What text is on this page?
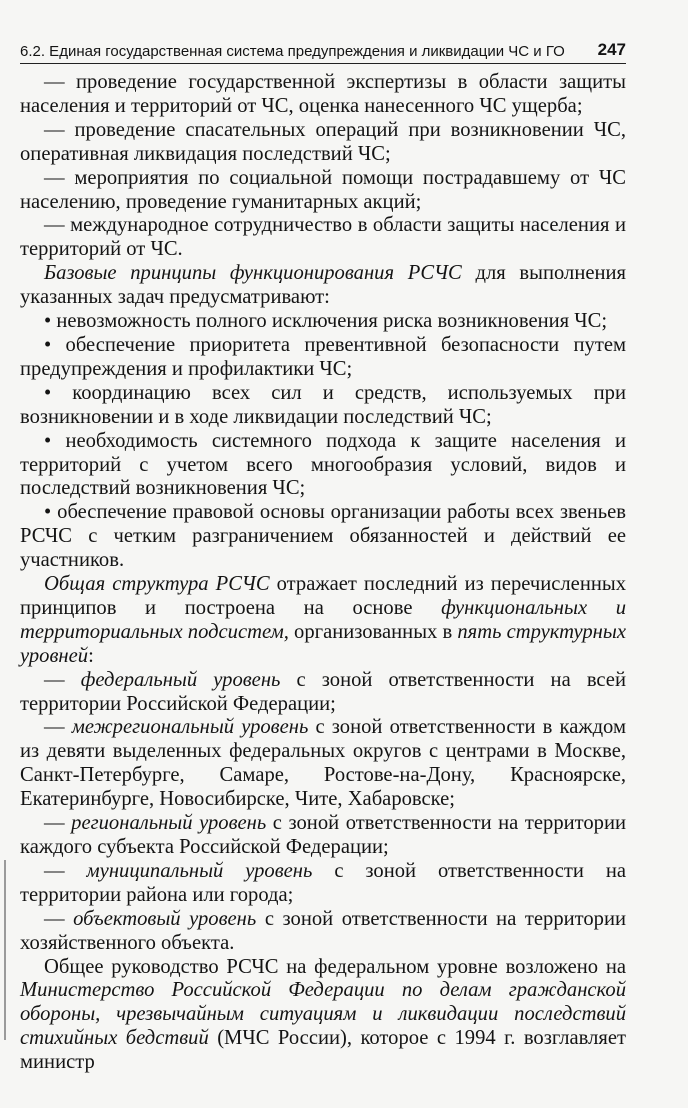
6.2. Единая государственная система предупреждения и ликвидации ЧС и ГО 247

— проведение государственной экспертизы в области защиты населения и территорий от ЧС, оценка нанесенного ЧС ущерба;

— проведение спасательных операций при возникновении ЧС, оперативная ликвидация последствий ЧС;

— мероприятия по социальной помощи пострадавшему от ЧС населению, проведение гуманитарных акций;

— международное сотрудничество в области защиты населения и территорий от ЧС.

Базовые принципы функционирования РСЧС для выполнения указанных задач предусматривают:

• невозможность полного исключения риска возникновения ЧС;

• обеспечение приоритета превентивной безопасности путем предупреждения и профилактики ЧС;

• координацию всех сил и средств, используемых при возникновении и в ходе ликвидации последствий ЧС;

• необходимость системного подхода к защите населения и территорий с учетом всего многообразия условий, видов и последствий возникновения ЧС;

• обеспечение правовой основы организации работы всех звеньев РСЧС с четким разграничением обязанностей и действий ее участников.

Общая структура РСЧС отражает последний из перечисленных принципов и построена на основе функциональных и территориальных подсистем, организованных в пять структурных уровней:

— федеральный уровень с зоной ответственности на всей территории Российской Федерации;

— межрегиональный уровень с зоной ответственности в каждом из девяти выделенных федеральных округов с центрами в Москве, Санкт-Петербурге, Самаре, Ростове-на-Дону, Красноярске, Екатеринбурге, Новосибирске, Чите, Хабаровске;

— региональный уровень с зоной ответственности на территории каждого субъекта Российской Федерации;

— муниципальный уровень с зоной ответственности на территории района или города;

— объектовый уровень с зоной ответственности на территории хозяйственного объекта.

Общее руководство РСЧС на федеральном уровне возложено на Министерство Российской Федерации по делам гражданской обороны, чрезвычайным ситуациям и ликвидации последствий стихийных бедствий (МЧС России), которое с 1994 г. возглавляет министр
